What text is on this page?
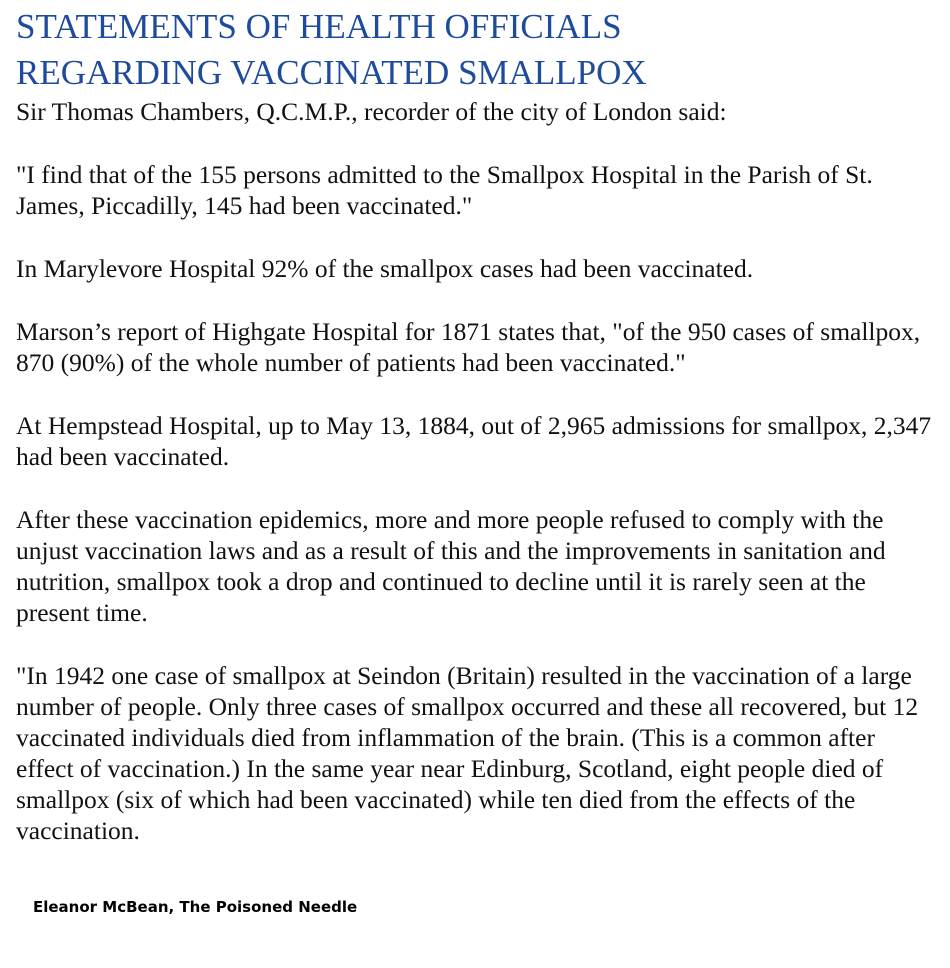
STATEMENTS OF HEALTH OFFICIALS
REGARDING VACCINATED SMALLPOX

Sir Thomas Chambers, Q.C.M.P., recorder of the city of London said:

"I find that of the 155 persons admitted to the Smallpox Hospital in the Parish of St. James, Piccadilly, 145 had been vaccinated."

In Marylevore Hospital 92% of the smallpox cases had been vaccinated.

Marson’s report of Highgate Hospital for 1871 states that, "of the 950 cases of smallpox, 870 (90%) of the whole number of patients had been vaccinated."

At Hempstead Hospital, up to May 13, 1884, out of 2,965 admissions for smallpox, 2,347 had been vaccinated.

After these vaccination epidemics, more and more people refused to comply with the unjust vaccination laws and as a result of this and the improvements in sanitation and nutrition, smallpox took a drop and continued to decline until it is rarely seen at the present time.

"In 1942 one case of smallpox at Seindon (Britain) resulted in the vaccination of a large number of people. Only three cases of smallpox occurred and these all recovered, but 12 vaccinated individuals died from inflammation of the brain. (This is a common after effect of vaccination.) In the same year near Edinburg, Scotland, eight people died of smallpox (six of which had been vaccinated) while ten died from the effects of the vaccination.

Eleanor McBean, The Poisoned Needle
